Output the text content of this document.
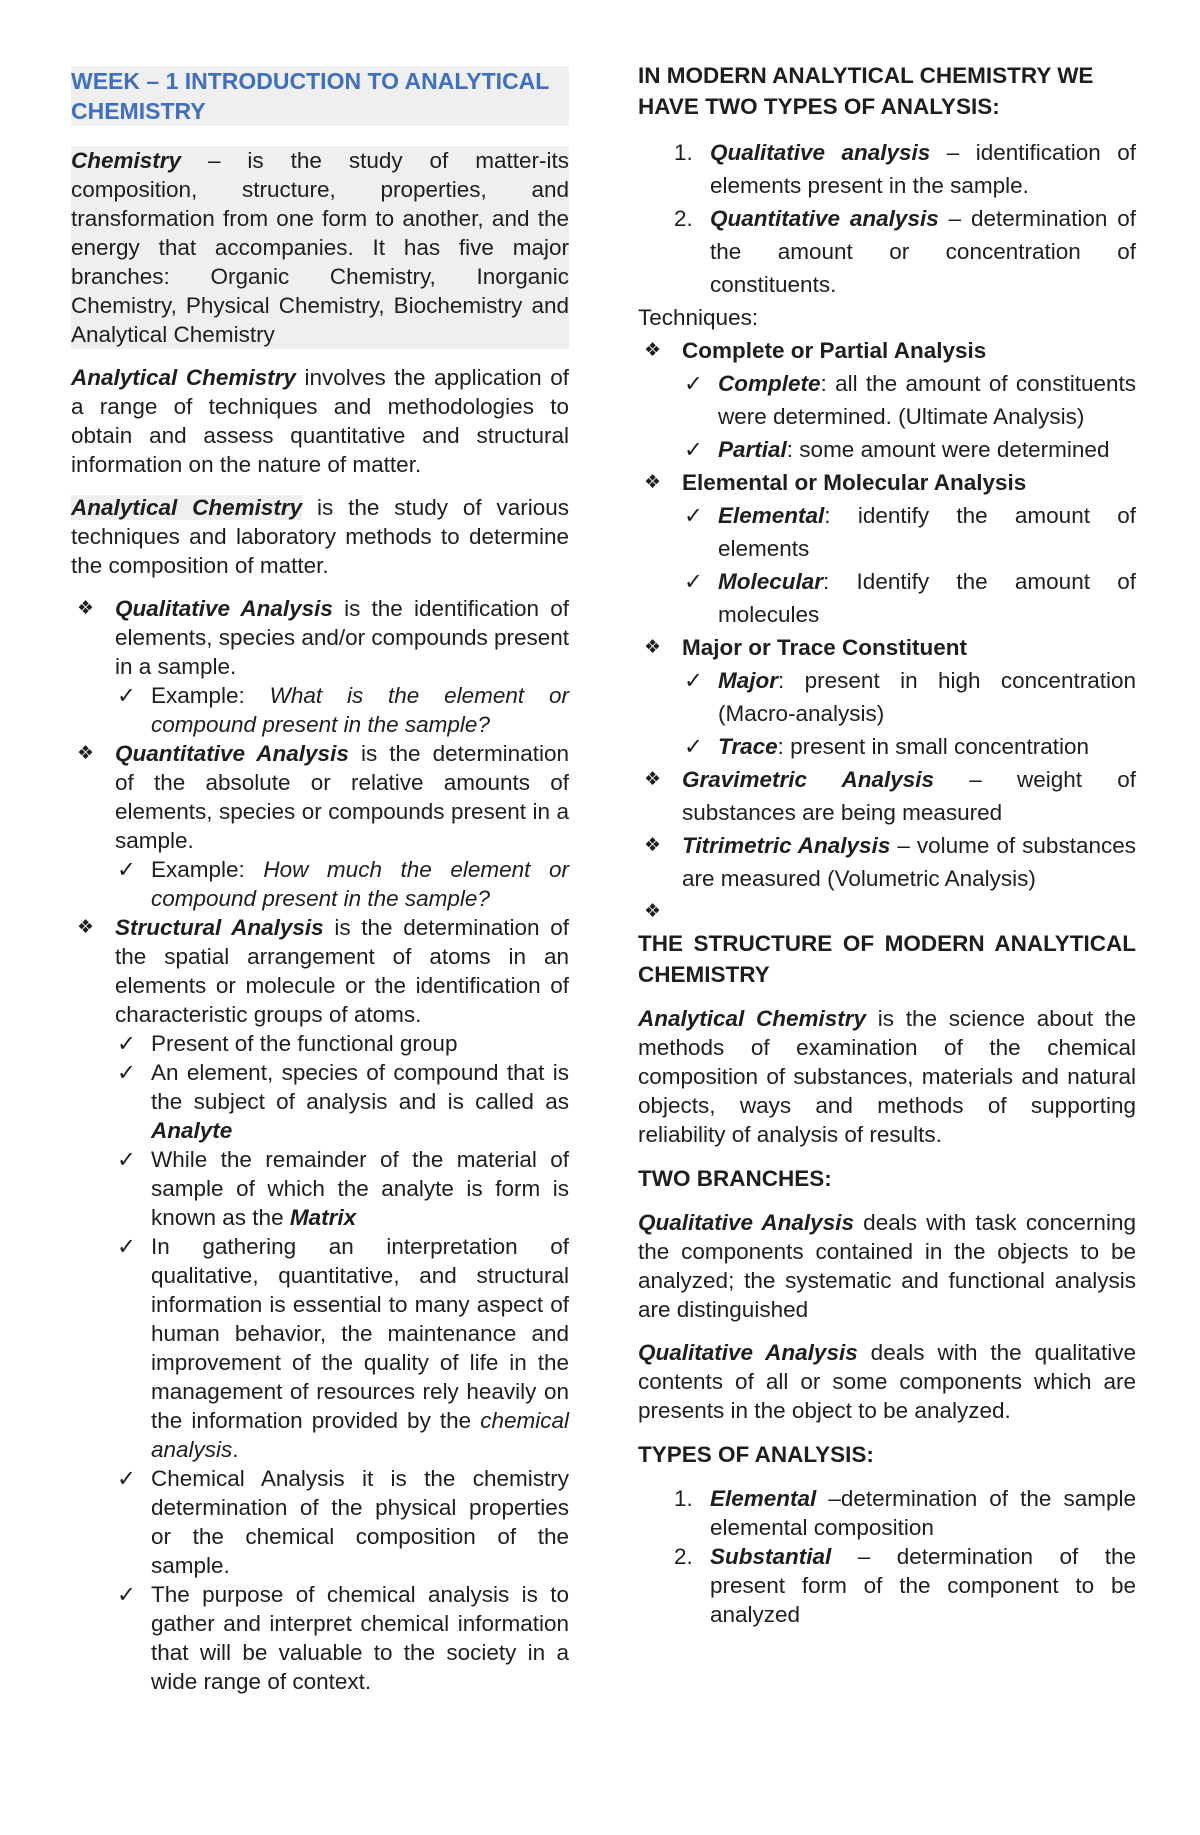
WEEK – 1 INTRODUCTION TO ANALYTICAL CHEMISTRY

Chemistry – is the study of matter-its composition, structure, properties, and transformation from one form to another, and the energy that accompanies. It has five major branches: Organic Chemistry, Inorganic Chemistry, Physical Chemistry, Biochemistry and Analytical Chemistry

Analytical Chemistry involves the application of a range of techniques and methodologies to obtain and assess quantitative and structural information on the nature of matter.

Analytical Chemistry is the study of various techniques and laboratory methods to determine the composition of matter.

❖ Qualitative Analysis is the identification of elements, species and/or compounds present in a sample.
✓ Example: What is the element or compound present in the sample?
❖ Quantitative Analysis is the determination of the absolute or relative amounts of elements, species or compounds present in a sample.
✓ Example: How much the element or compound present in the sample?
❖ Structural Analysis is the determination of the spatial arrangement of atoms in an elements or molecule or the identification of characteristic groups of atoms.
✓ Present of the functional group
✓ An element, species of compound that is the subject of analysis and is called as Analyte
✓ While the remainder of the material of sample of which the analyte is form is known as the Matrix
✓ In gathering an interpretation of qualitative, quantitative, and structural information is essential to many aspect of human behavior, the maintenance and improvement of the quality of life in the management of resources rely heavily on the information provided by the chemical analysis.
✓ Chemical Analysis it is the chemistry determination of the physical properties or the chemical composition of the sample.
✓ The purpose of chemical analysis is to gather and interpret chemical information that will be valuable to the society in a wide range of context.

IN MODERN ANALYTICAL CHEMISTRY WE HAVE TWO TYPES OF ANALYSIS:

1. Qualitative analysis – identification of elements present in the sample.
2. Quantitative analysis – determination of the amount or concentration of constituents.

Techniques:

❖ Complete or Partial Analysis
✓ Complete: all the amount of constituents were determined. (Ultimate Analysis)
✓ Partial: some amount were determined
❖ Elemental or Molecular Analysis
✓ Elemental: identify the amount of elements
✓ Molecular: Identify the amount of molecules
❖ Major or Trace Constituent
✓ Major: present in high concentration (Macro-analysis)
✓ Trace: present in small concentration
❖ Gravimetric Analysis – weight of substances are being measured
❖ Titrimetric Analysis – volume of substances are measured (Volumetric Analysis)
❖

THE STRUCTURE OF MODERN ANALYTICAL CHEMISTRY

Analytical Chemistry is the science about the methods of examination of the chemical composition of substances, materials and natural objects, ways and methods of supporting reliability of analysis of results.

TWO BRANCHES:

Qualitative Analysis deals with task concerning the components contained in the objects to be analyzed; the systematic and functional analysis are distinguished

Qualitative Analysis deals with the qualitative contents of all or some components which are presents in the object to be analyzed.

TYPES OF ANALYSIS:

1. Elemental –determination of the sample elemental composition
2. Substantial – determination of the present form of the component to be analyzed
